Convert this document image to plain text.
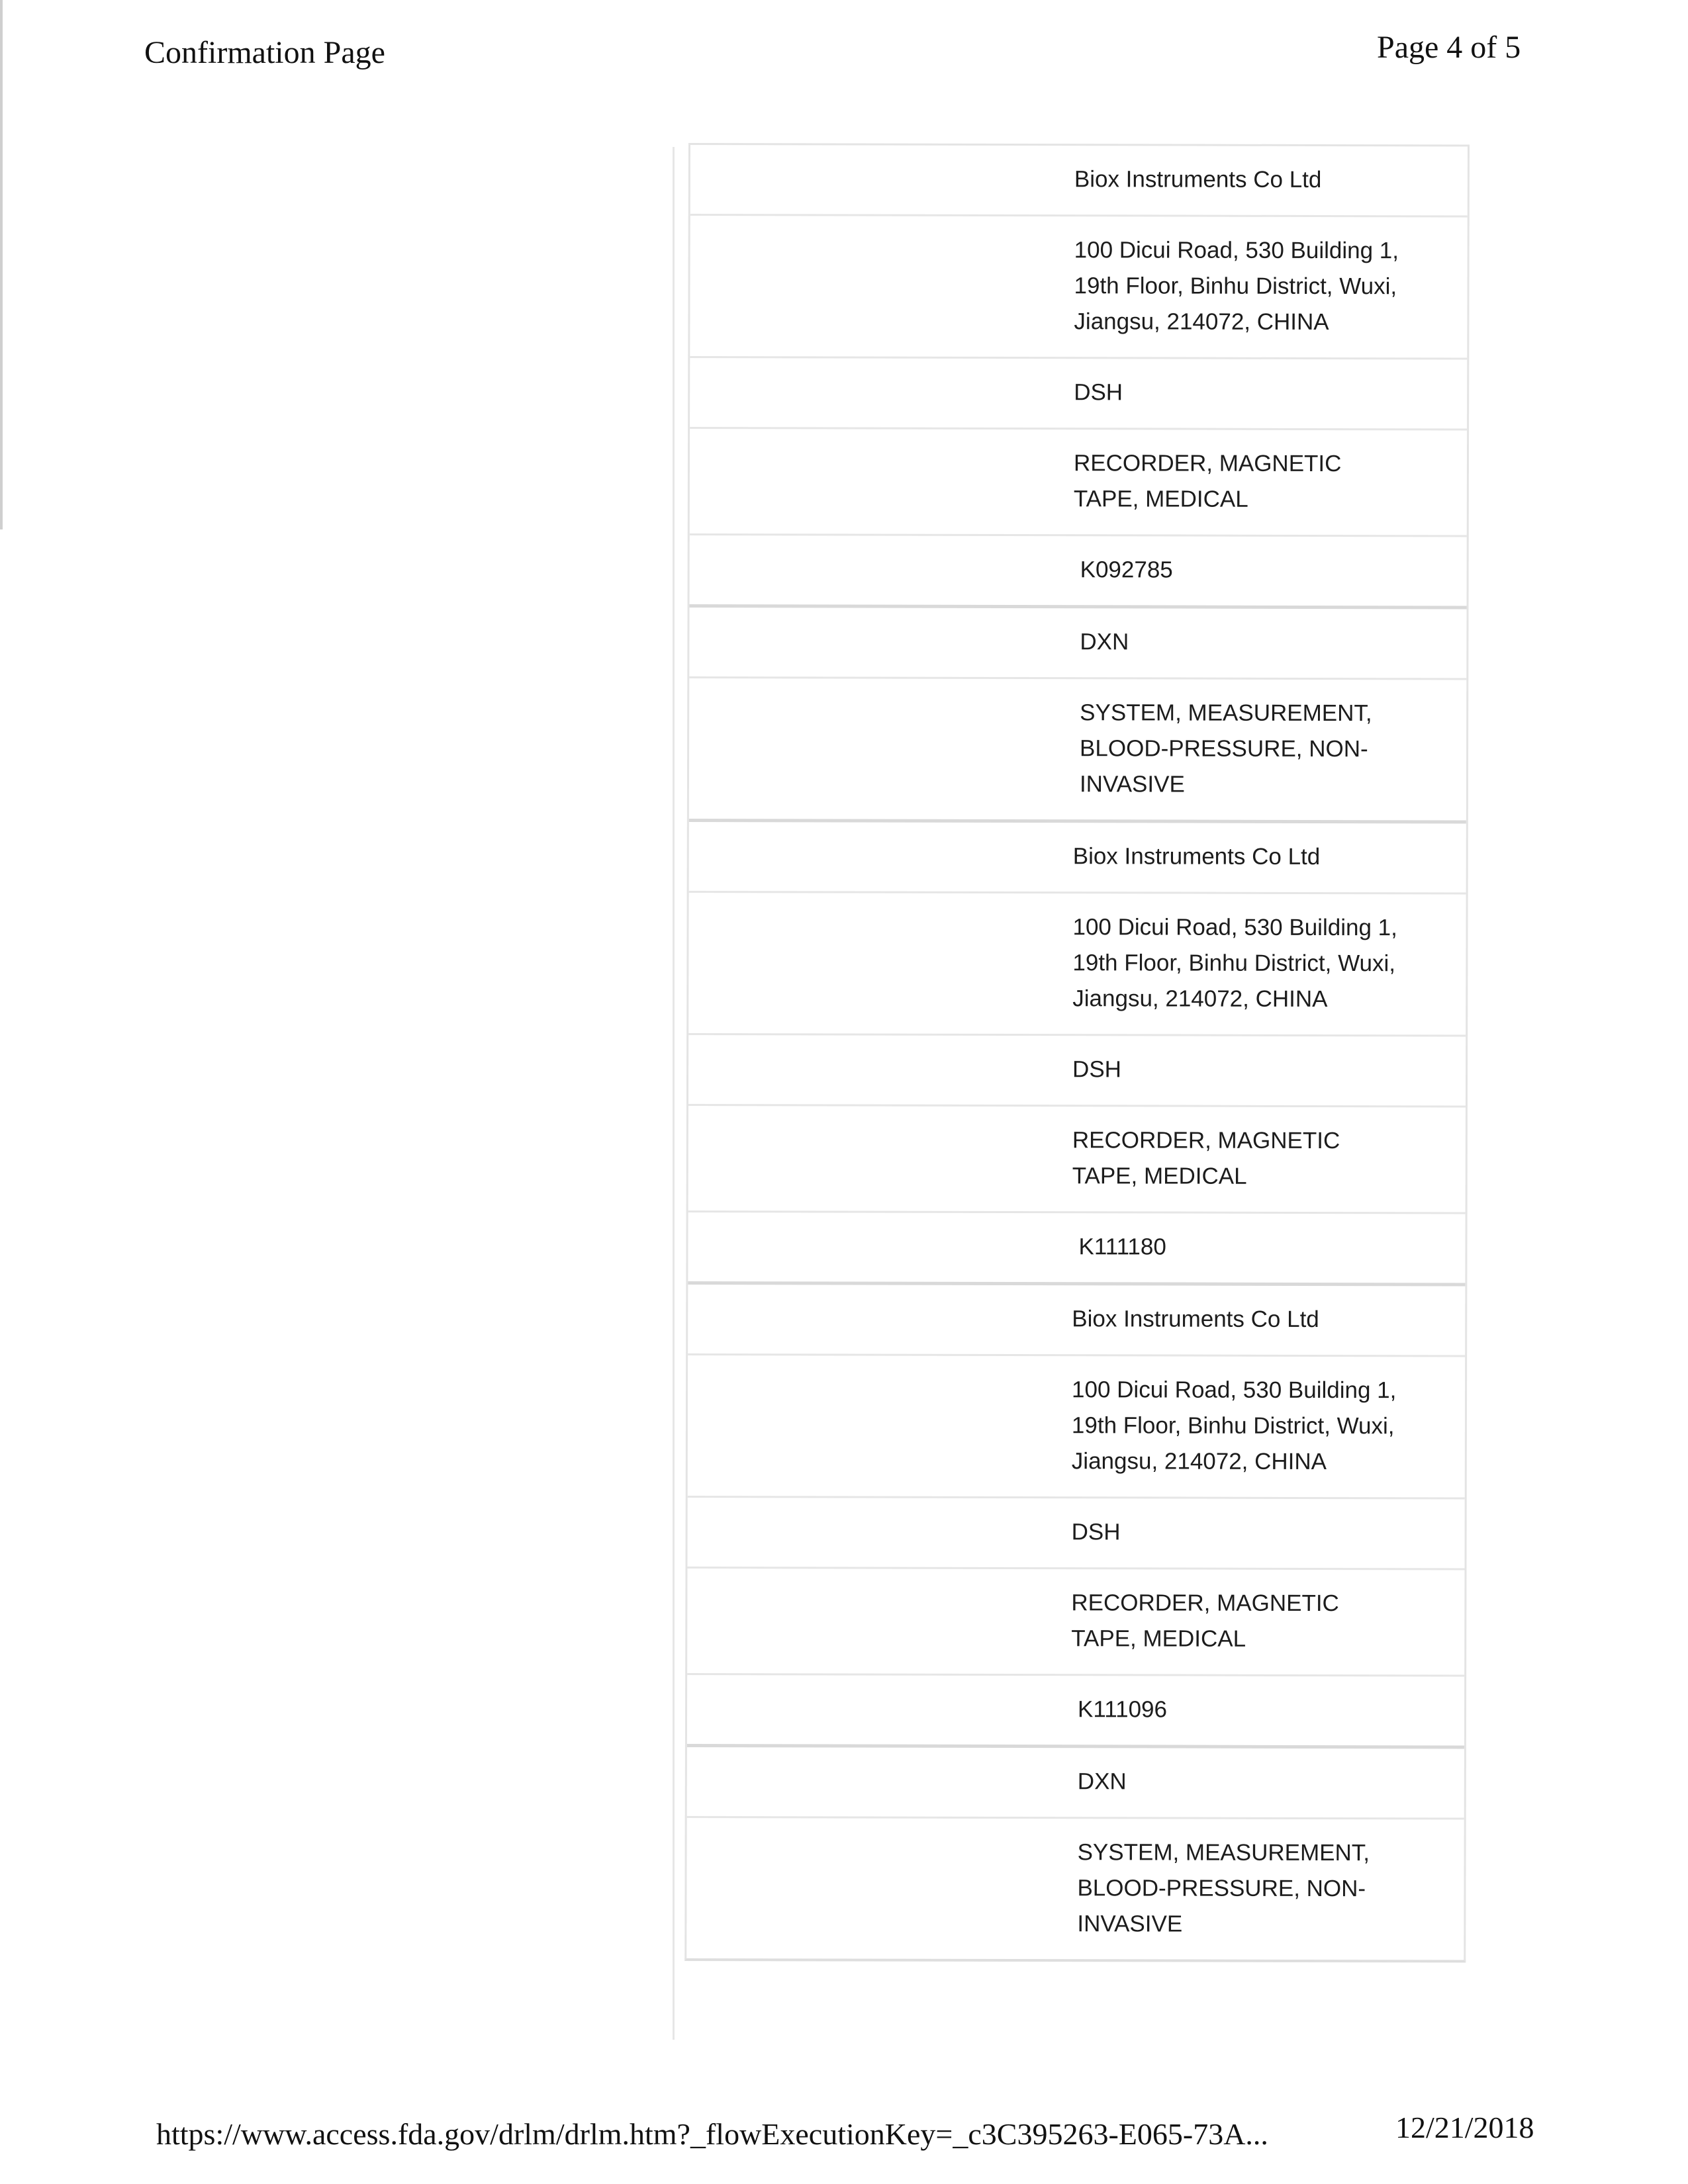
Confirmation Page	Page 4 of 5
Biox Instruments Co Ltd
100 Dicui Road, 530 Building 1,
19th Floor, Binhu District, Wuxi,
Jiangsu, 214072, CHINA
DSH
RECORDER, MAGNETIC
TAPE, MEDICAL
K092785
DXN
SYSTEM, MEASUREMENT,
BLOOD-PRESSURE, NON-
INVASIVE
Biox Instruments Co Ltd
100 Dicui Road, 530 Building 1,
19th Floor, Binhu District, Wuxi,
Jiangsu, 214072, CHINA
DSH
RECORDER, MAGNETIC
TAPE, MEDICAL
K111180
Biox Instruments Co Ltd
100 Dicui Road, 530 Building 1,
19th Floor, Binhu District, Wuxi,
Jiangsu, 214072, CHINA
DSH
RECORDER, MAGNETIC
TAPE, MEDICAL
K111096
DXN
SYSTEM, MEASUREMENT,
BLOOD-PRESSURE, NON-
INVASIVE
https://www.access.fda.gov/drlm/drlm.htm?_flowExecutionKey=_c3C395263-E065-73A...	12/21/2018
